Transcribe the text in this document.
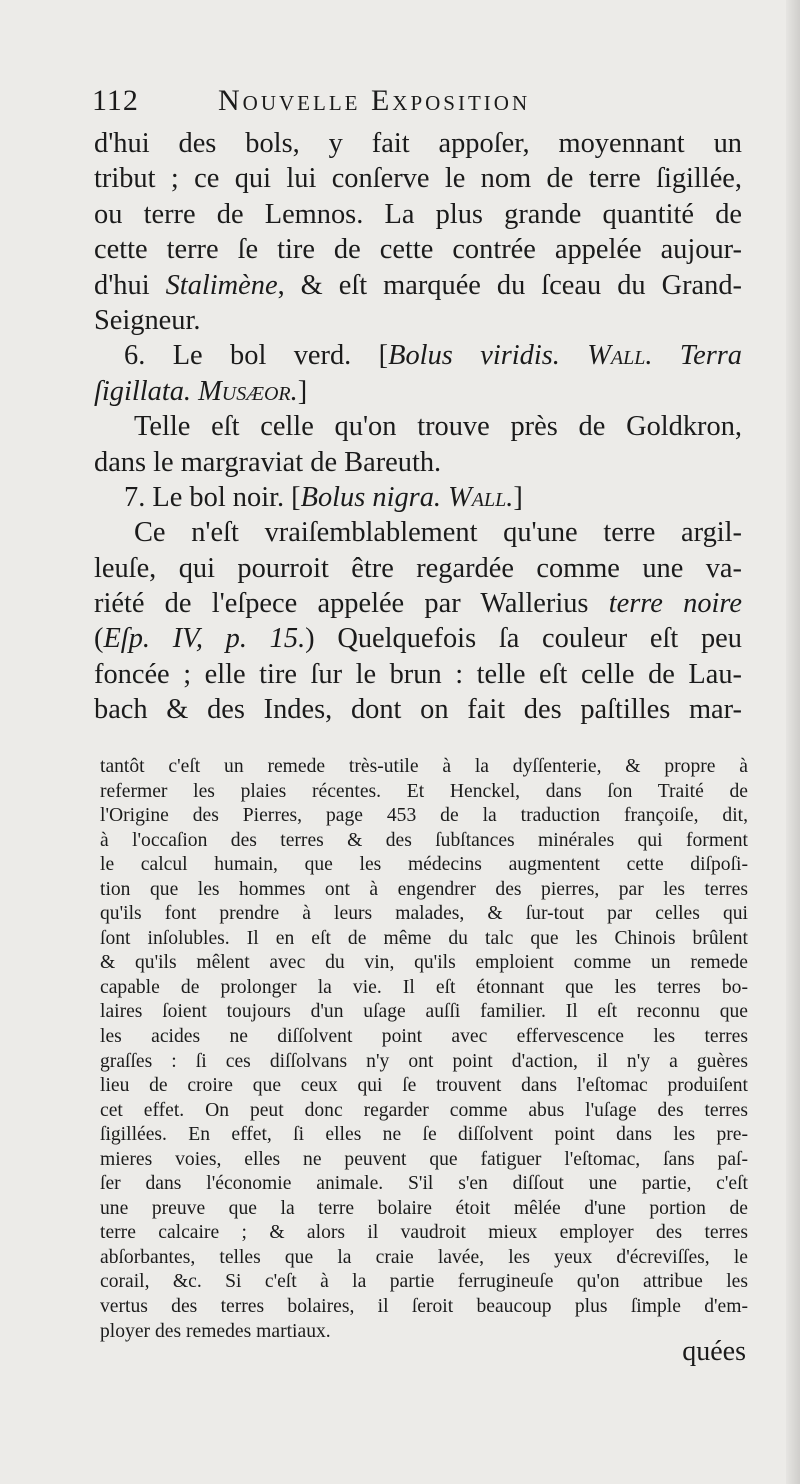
112	Nouvelle Exposition
d'hui des bols, y fait appoſer, moyennant un
tribut ; ce qui lui conſerve le nom de terre ſigillée,
ou terre de Lemnos. La plus grande quantité de
cette terre ſe tire de cette contrée appelée aujour-
d'hui Stalimène, & eſt marquée du ſceau du Grand-
Seigneur.
6. Le bol verd. [Bolus viridis. Wall. Terra
ſigillata. Musæor.]
Telle eſt celle qu'on trouve près de Goldkron,
dans le margraviat de Bareuth.
7. Le bol noir. [Bolus nigra. Wall.]
Ce n'eſt vraiſemblablement qu'une terre argil-
leuſe, qui pourroit être regardée comme une va-
riété de l'eſpece appelée par Wallerius terre noire
(Eſp. IV, p. 15.) Quelquefois ſa couleur eſt peu
foncée ; elle tire ſur le brun : telle eſt celle de Lau-
bach & des Indes, dont on fait des paſtilles mar-
tantôt c'eſt un remede très-utile à la dyſſenterie, & propre à
refermer les plaies récentes. Et Henckel, dans ſon Traité de
l'Origine des Pierres, page 453 de la traduction françoiſe, dit,
à l'occaſion des terres & des ſubſtances minérales qui forment
le calcul humain, que les médecins augmentent cette diſpoſi-
tion que les hommes ont à engendrer des pierres, par les terres
qu'ils font prendre à leurs malades, & ſur-tout par celles qui
ſont inſolubles. Il en eſt de même du talc que les Chinois brûlent
& qu'ils mêlent avec du vin, qu'ils emploient comme un remede
capable de prolonger la vie. Il eſt étonnant que les terres bo-
laires ſoient toujours d'un uſage auſſi familier. Il eſt reconnu que
les acides ne diſſolvent point avec effervescence les terres
graſſes : ſi ces diſſolvans n'y ont point d'action, il n'y a guères
lieu de croire que ceux qui ſe trouvent dans l'eſtomac produiſent
cet effet. On peut donc regarder comme abus l'uſage des terres
ſigillées. En effet, ſi elles ne ſe diſſolvent point dans les pre-
mieres voies, elles ne peuvent que fatiguer l'eſtomac, ſans paſ-
ſer dans l'économie animale. S'il s'en diſſout une partie, c'eſt
une preuve que la terre bolaire étoit mêlée d'une portion de
terre calcaire ; & alors il vaudroit mieux employer des terres
abſorbantes, telles que la craie lavée, les yeux d'écreviſſes, le
corail, &c. Si c'eſt à la partie ferrugineuſe qu'on attribue les
vertus des terres bolaires, il ſeroit beaucoup plus ſimple d'em-
ployer des remedes martiaux.
quées
